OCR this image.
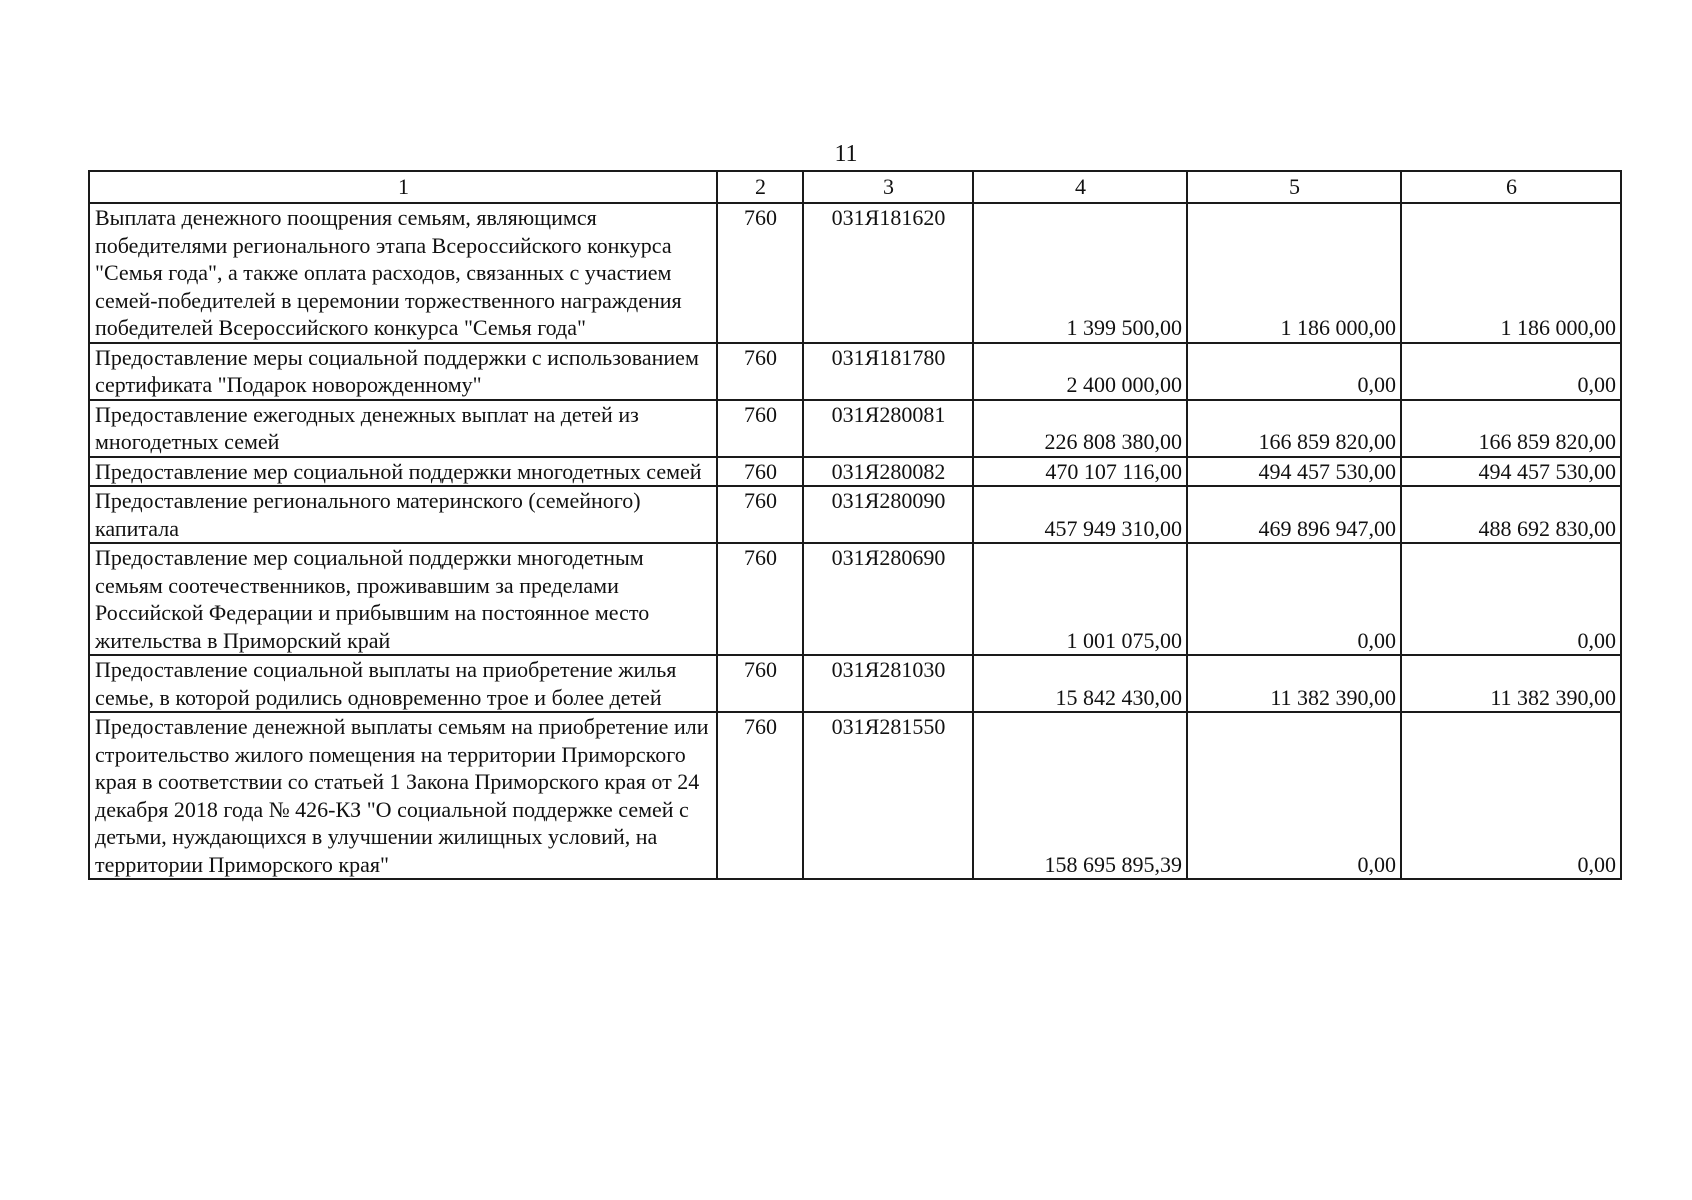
11
1	2	3	4	5	6
Выплата денежного поощрения семьям, являющимся победителями регионального этапа Всероссийского конкурса "Семья года", а также оплата расходов, связанных с участием семей-победителей в церемонии торжественного награждения победителей Всероссийского конкурса "Семья года"	760	031Я181620	1 399 500,00	1 186 000,00	1 186 000,00
Предоставление меры социальной поддержки с использованием сертификата "Подарок новорожденному"	760	031Я181780	2 400 000,00	0,00	0,00
Предоставление ежегодных денежных выплат на детей из многодетных семей	760	031Я280081	226 808 380,00	166 859 820,00	166 859 820,00
Предоставление мер социальной поддержки многодетных семей	760	031Я280082	470 107 116,00	494 457 530,00	494 457 530,00
Предоставление регионального материнского (семейного) капитала	760	031Я280090	457 949 310,00	469 896 947,00	488 692 830,00
Предоставление мер социальной поддержки многодетным семьям соотечественников, проживавшим за пределами Российской Федерации и прибывшим на постоянное место жительства в Приморский край	760	031Я280690	1 001 075,00	0,00	0,00
Предоставление социальной выплаты на приобретение жилья семье, в которой родились одновременно трое и более детей	760	031Я281030	15 842 430,00	11 382 390,00	11 382 390,00
Предоставление денежной выплаты семьям на приобретение или строительство жилого помещения на территории Приморского края в соответствии со статьей 1 Закона Приморского края от 24 декабря 2018 года № 426-КЗ "О социальной поддержке семей с детьми, нуждающихся в улучшении жилищных условий, на территории Приморского края"	760	031Я281550	158 695 895,39	0,00	0,00
